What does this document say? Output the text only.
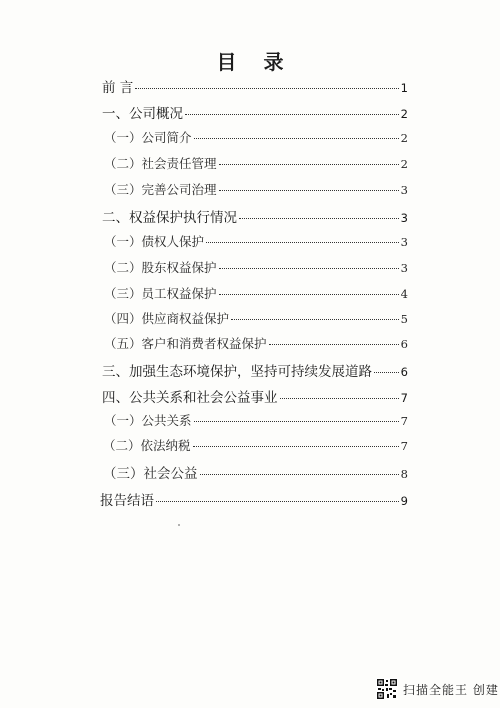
目 录
前 言	1
一、公司概况	2
（一）公司简介	2
（二）社会责任管理	2
（三）完善公司治理	3
二、权益保护执行情况	3
（一）债权人保护	3
（二）股东权益保护	3
（三）员工权益保护	4
（四）供应商权益保护	5
（五）客户和消费者权益保护	6
三、加强生态环境保护，坚持可持续发展道路 6
四、公共关系和社会公益事业	7
（一）公共关系	7
（二）依法纳税	7
（三）社会公益	8
报告结语	9
扫描全能王 创建
